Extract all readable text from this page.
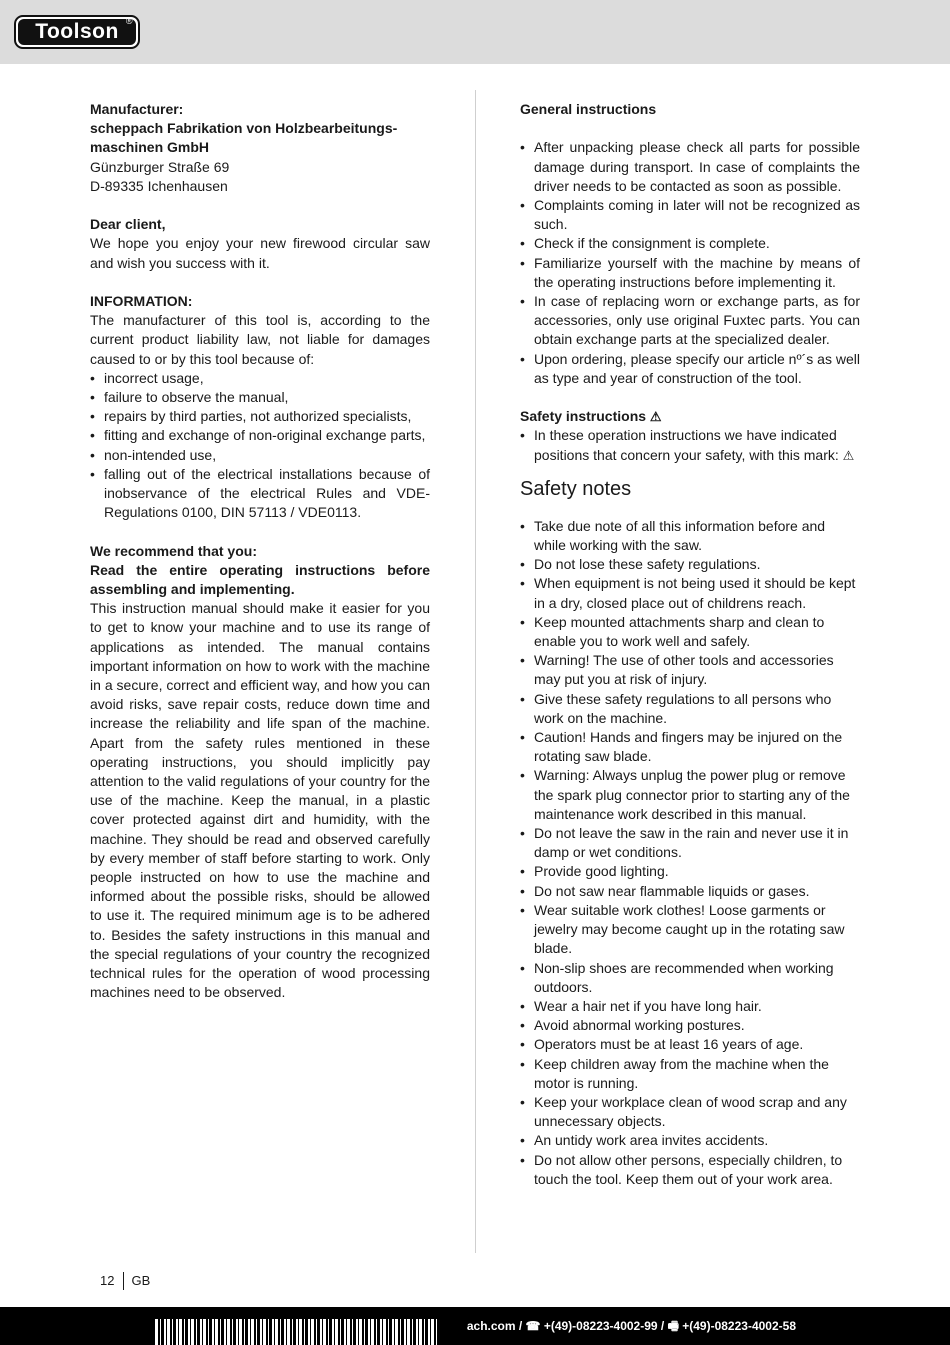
Toolson ®

Manufacturer:

scheppach Fabrikation von Holzbearbeitungs-maschinen GmbH

Günzburger Straße 69

D-89335 Ichenhausen

Dear client,

We hope you enjoy your new firewood circular saw and wish you success with it.

INFORMATION:

The manufacturer of this tool is, according to the current product liability law, not liable for damages caused to or by this tool because of:

• incorrect usage,
• failure to observe the manual,
• repairs by third parties, not authorized specialists,
• fitting and exchange of non-original exchange parts,
• non-intended use,
• falling out of the electrical installations because of inobservance of the electrical Rules and VDE-Regulations 0100, DIN 57113 / VDE0113.

We recommend that you:

Read the entire operating instructions before assembling and implementing.

This instruction manual should make it easier for you to get to know your machine and to use its range of applications as intended. The manual contains important information on how to work with the machine in a secure, correct and efficient way, and how you can avoid risks, save repair costs, reduce down time and increase the reliability and life span of the machine. Apart from the safety rules mentioned in these operating instructions, you should implicitly pay attention to the valid regulations of your country for the use of the machine. Keep the manual, in a plastic cover protected against dirt and humidity, with the machine. They should be read and observed carefully by every member of staff before starting to work. Only people instructed on how to use the machine and informed about the possible risks, should be allowed to use it. The required minimum age is to be adhered to. Besides the safety instructions in this manual and the special regulations of your country the recognized technical rules for the operation of wood processing machines need to be observed.

General instructions

• After unpacking please check all parts for possible damage during transport. In case of complaints the driver needs to be contacted as soon as possible.
• Complaints coming in later will not be recognized as such.
• Check if the consignment is complete.
• Familiarize yourself with the machine by means of the operating instructions before implementing it.
• In case of replacing worn or exchange parts, as for accessories, only use original Fuxtec parts. You can obtain exchange parts at the specialized dealer.
• Upon ordering, please specify our article nº´s as well as type and year of construction of the tool.

Safety instructions ⚠

• In these operation instructions we have indicated positions that concern your safety, with this mark: ⚠
Safety notes
• Take due note of all this information before and while working with the saw.
• Do not lose these safety regulations.
• When equipment is not being used it should be kept in a dry, closed place out of childrens reach.
• Keep mounted attachments sharp and clean to enable you to work well and safely.
• Warning! The use of other tools and accessories may put you at risk of injury.
• Give these safety regulations to all persons who work on the machine.
• Caution! Hands and fingers may be injured on the rotating saw blade.
• Warning: Always unplug the power plug or remove the spark plug connector prior to starting any of the maintenance work described in this manual.
• Do not leave the saw in the rain and never use it in damp or wet conditions.
• Provide good lighting.
• Do not saw near flammable liquids or gases.
• Wear suitable work clothes! Loose garments or jewelry may become caught up in the rotating saw blade.
• Non-slip shoes are recommended when working outdoors.
• Wear a hair net if you have long hair.
• Avoid abnormal working postures.
• Operators must be at least 16 years of age.
• Keep children away from the machine when the motor is running.
• Keep your workplace clean of wood scrap and any unnecessary objects.
• An untidy work area invites accidents.
• Do not allow other persons, especially children, to touch the tool. Keep them out of your work area.
12 GB
ach.com / ☎ +(49)-08223-4002-99 / 🖷 +(49)-08223-4002-58
